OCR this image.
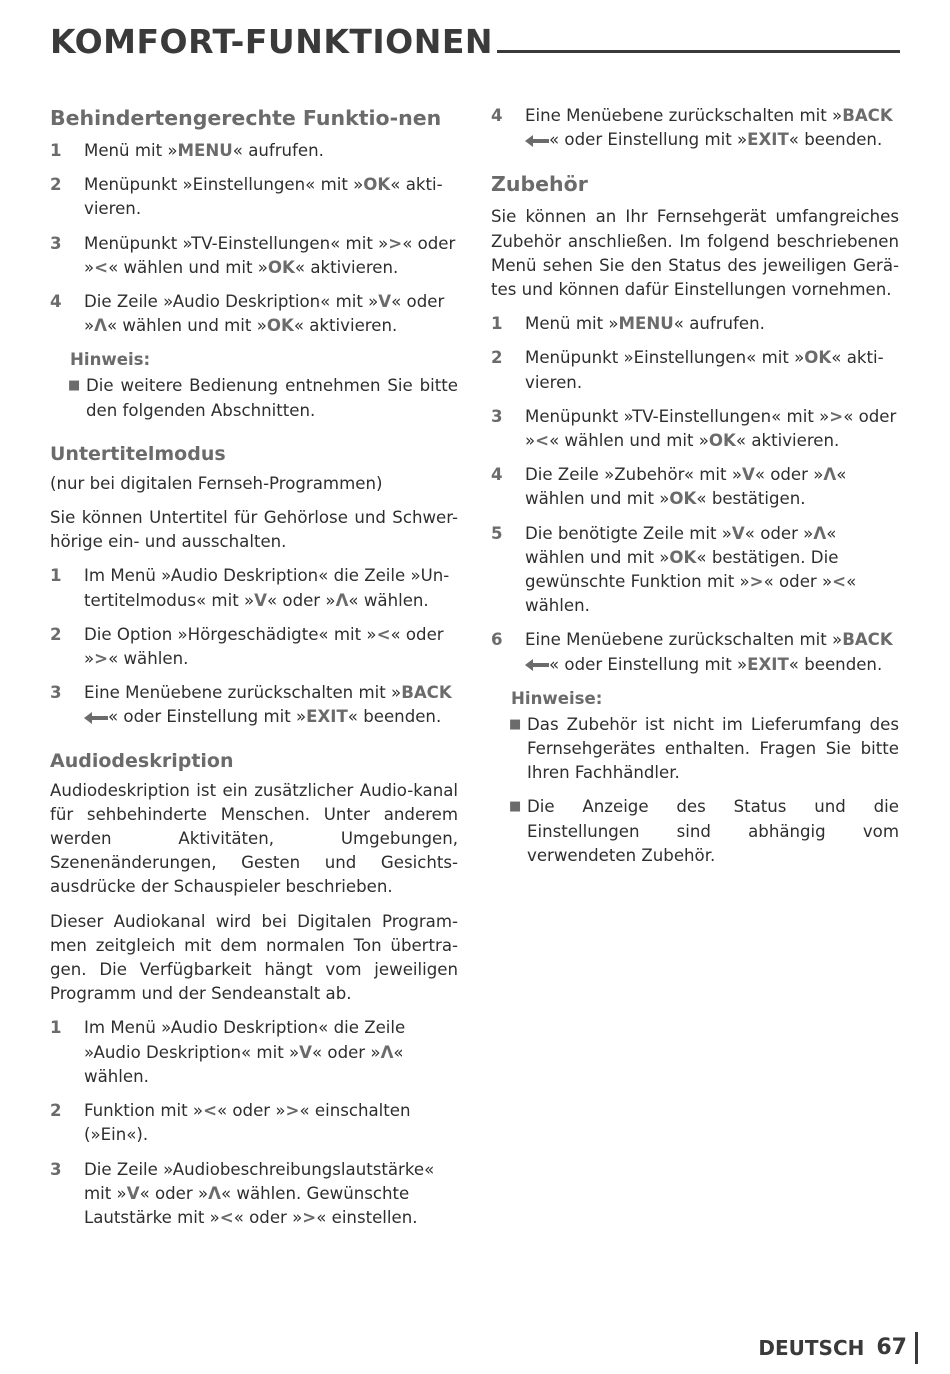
KOMFORT-FUNKTIONEN
Behindertengerechte Funktio-nen
1	Menü mit »MENU« aufrufen.
2	Menüpunkt »Einstellungen« mit »OK« akti-vieren.
3	Menüpunkt »TV-Einstellungen« mit »>« oder »<« wählen und mit »OK« aktivieren.
4	Die Zeile »Audio Deskription« mit »V« oder »Λ« wählen und mit »OK« aktivieren.
Hinweis:
■ Die weitere Bedienung entnehmen Sie bitte den folgenden Abschnitten.
Untertitelmodus
(nur bei digitalen Fernseh-Programmen)
Sie können Untertitel für Gehörlose und Schwer-hörige ein- und ausschalten.
1	Im Menü »Audio Deskription« die Zeile »Un-tertitelmodus« mit »V« oder »Λ« wählen.
2	Die Option »Hörgeschädigte« mit »<« oder »>« wählen.
3	Eine Menüebene zurückschalten mit »BACK« oder Einstellung mit »EXIT« beenden.
Audiodeskription
Audiodeskription ist ein zusätzlicher Audio-kanal für sehbehinderte Menschen. Unter anderem werden Aktivitäten, Umgebungen, Szenenänderungen, Gesten und Gesichts-ausdrücke der Schauspieler beschrieben.
Dieser Audiokanal wird bei Digitalen Program-men zeitgleich mit dem normalen Ton übertra-gen. Die Verfügbarkeit hängt vom jeweiligen Programm und der Sendeanstalt ab.
1	Im Menü »Audio Deskription« die Zeile »Audio Deskription« mit »V« oder »Λ« wählen.
2	Funktion mit »<« oder »>« einschalten (»Ein«).
3	Die Zeile »Audiobeschreibungslautstärke« mit »V« oder »Λ« wählen. Gewünschte Lautstärke mit »<« oder »>« einstellen.
4	Eine Menüebene zurückschalten mit »BACK« oder Einstellung mit »EXIT« beenden.
Zubehör
Sie können an Ihr Fernsehgerät umfangreiches Zubehör anschließen. Im folgend beschriebenen Menü sehen Sie den Status des jeweiligen Gerä-tes und können dafür Einstellungen vornehmen.
1	Menü mit »MENU« aufrufen.
2	Menüpunkt »Einstellungen« mit »OK« akti-vieren.
3	Menüpunkt »TV-Einstellungen« mit »>« oder »<« wählen und mit »OK« aktivieren.
4	Die Zeile »Zubehör« mit »V« oder »Λ« wählen und mit »OK« bestätigen.
5	Die benötigte Zeile mit »V« oder »Λ« wählen und mit »OK« bestätigen. Die gewünschte Funktion mit »>« oder »<« wählen.
6	Eine Menüebene zurückschalten mit »BACK« oder Einstellung mit »EXIT« beenden.
Hinweise:
■ Das Zubehör ist nicht im Lieferumfang des Fernsehgerätes enthalten. Fragen Sie bitte Ihren Fachhändler.
■ Die Anzeige des Status und die Einstellungen sind abhängig vom verwendeten Zubehör.
DEUTSCH 67
